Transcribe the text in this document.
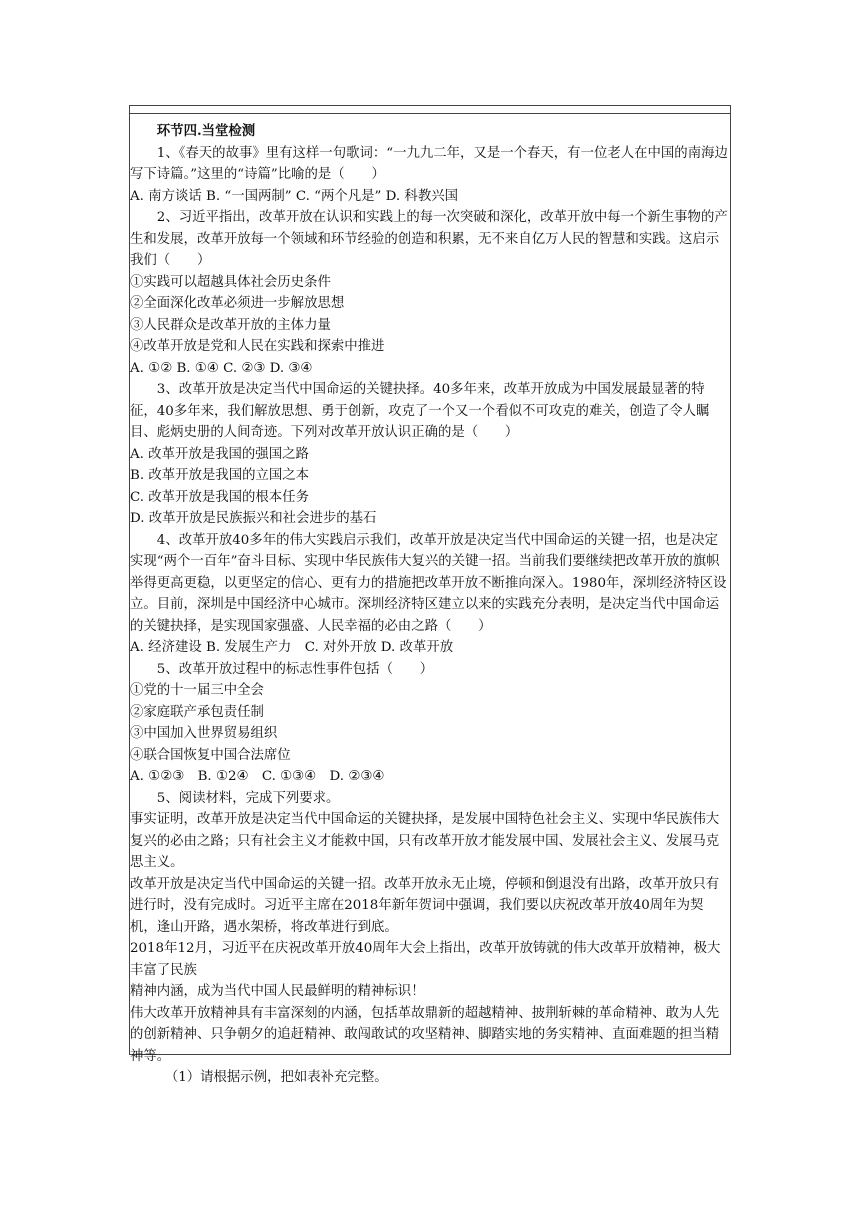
环节四.当堂检测

1、《春天的故事》里有这样一句歌词：“一九九二年，又是一个春天，有一位老人在中国的南海边写下诗篇。”这里的“诗篇”比喻的是（　　）

A. 南方谈话 B. “一国两制” C. “两个凡是” D. 科教兴国

2、习近平指出，改革开放在认识和实践上的每一次突破和深化，改革开放中每一个新生事物的产生和发展，改革开放每一个领域和环节经验的创造和积累，无不来自亿万人民的智慧和实践。这启示我们（　　）

①实践可以超越具体社会历史条件

②全面深化改革必须进一步解放思想

③人民群众是改革开放的主体力量

④改革开放是党和人民在实践和探索中推进

A. ①② B. ①④ C. ②③ D. ③④

3、改革开放是决定当代中国命运的关键抉择。40多年来，改革开放成为中国发展最显著的特征，40多年来，我们解放思想、勇于创新，攻克了一个又一个看似不可攻克的难关，创造了令人瞩目、彪炳史册的人间奇迹。下列对改革开放认识正确的是（　　）

A. 改革开放是我国的强国之路

B. 改革开放是我国的立国之本

C. 改革开放是我国的根本任务

D. 改革开放是民族振兴和社会进步的基石

4、改革开放40多年的伟大实践启示我们，改革开放是决定当代中国命运的关键一招，也是决定实现“两个一百年”奋斗目标、实现中华民族伟大复兴的关键一招。当前我们要继续把改革开放的旗帜举得更高更稳，以更坚定的信心、更有力的措施把改革开放不断推向深入。1980年，深圳经济特区设立。目前，深圳是中国经济中心城市。深圳经济特区建立以来的实践充分表明，是决定当代中国命运的关键抉择，是实现国家强盛、人民幸福的必由之路（　　）

A. 经济建设 B. 发展生产力　C. 对外开放 D. 改革开放

5、改革开放过程中的标志性事件包括（　　）

①党的十一届三中全会

②家庭联产承包责任制

③中国加入世界贸易组织

④联合国恢复中国合法席位

A. ①②③　B. ①2④　C. ①③④　D. ②③④

5、阅读材料，完成下列要求。

事实证明，改革开放是决定当代中国命运的关键抉择，是发展中国特色社会主义、实现中华民族伟大复兴的必由之路；只有社会主义才能救中国，只有改革开放才能发展中国、发展社会主义、发展马克思主义。

改革开放是决定当代中国命运的关键一招。改革开放永无止境，停顿和倒退没有出路，改革开放只有进行时，没有完成时。习近平主席在2018年新年贺词中强调，我们要以庆祝改革开放40周年为契机，逢山开路，遇水架桥，将改革进行到底。

2018年12月，习近平在庆祝改革开放40周年大会上指出，改革开放铸就的伟大改革开放精神，极大丰富了民族

精神内涵，成为当代中国人民最鲜明的精神标识！

伟大改革开放精神具有丰富深刻的内涵，包括革故鼎新的超越精神、披荆斩棘的革命精神、敢为人先的创新精神、只争朝夕的追赶精神、敢闯敢试的攻坚精神、脚踏实地的务实精神、直面难题的担当精神等。

（1）请根据示例，把如表补充完整。
